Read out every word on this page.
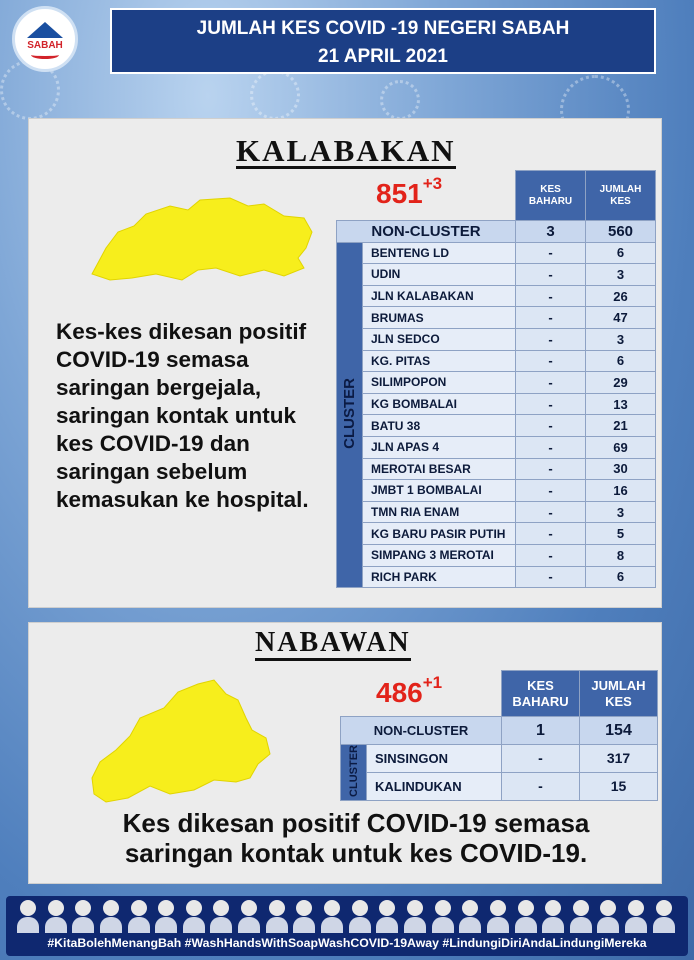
SABAH
JUMLAH KES COVID -19 NEGERI SABAH
21 APRIL 2021
KALABAKAN
$851^{+3}$
Kes-kes dikesan positif COVID-19 semasa saringan bergejala, saringan kontak untuk kes COVID-19 dan saringan sebelum kemasukan ke hospital.
		KES
BAHARU	JUMLAH
KES
NON-CLUSTER		3	560
CLUSTER	BENTENG LD	-	6
	UDIN	-	3
	JLN KALABAKAN	-	26
	BRUMAS	-	47
	JLN SEDCO	-	3
	KG. PITAS	-	6
	SILIMPOPON	-	29
	KG BOMBALAI	-	13
	BATU 38	-	21
	JLN APAS 4	-	69
	MEROTAI BESAR	-	30
	JMBT 1 BOMBALAI	-	16
	TMN RIA ENAM	-	3
	KG BARU PASIR PUTIH	-	5
	SIMPANG 3 MEROTAI	-	8
	RICH PARK	-	6
NABAWAN
$486^{+1}$
		KES
BAHARU	JUMLAH
KES
NON-CLUSTER		1	154
CLUSTER	SINSINGON	-	317
	KALINDUKAN	-	15
Kes dikesan positif COVID-19 semasa
saringan kontak untuk kes COVID-19.
#KitaBolehMenangBah #WashHandsWithSoapWashCOVID-19Away #LindungiDiriAndaLindungiMereka
